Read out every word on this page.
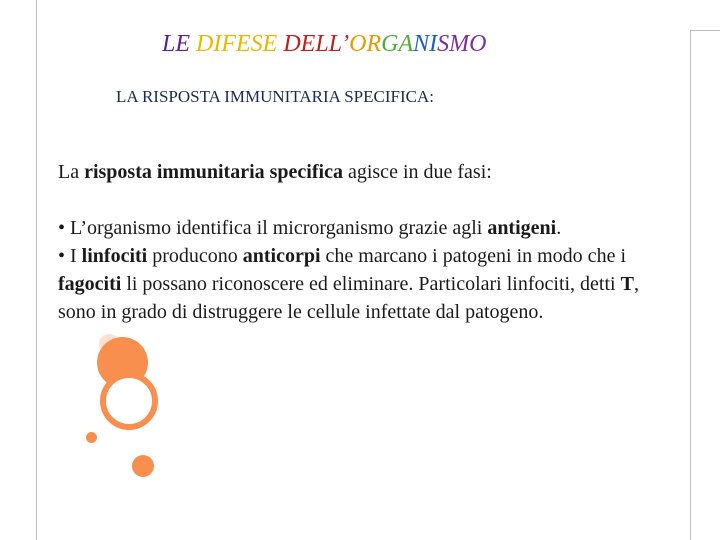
LE DIFESE DELL’ORGANISMO
LA RISPOSTA IMMUNITARIA SPECIFICA:

La risposta immunitaria specifica agisce in due fasi:

• L’organismo identifica il microrganismo grazie agli antigeni.

• I linfociti producono anticorpi che marcano i patogeni in modo che i fagociti li possano riconoscere ed eliminare. Particolari linfociti, detti T, sono in grado di distruggere le cellule infettate dal patogeno.
